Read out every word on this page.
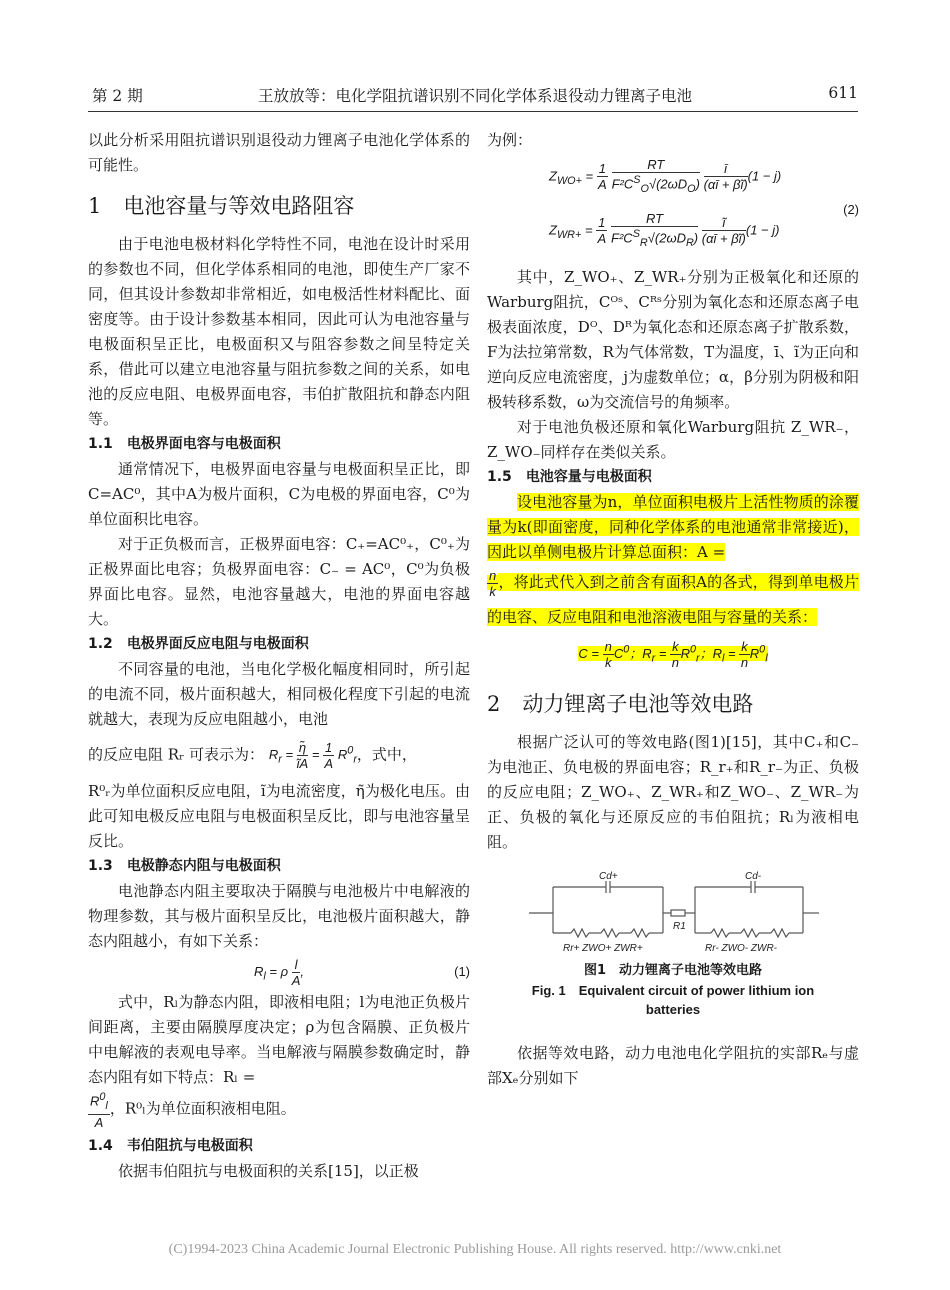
第 2 期	王放放等：电化学阻抗谱识别不同化学体系退役动力锂离子电池	611

以此分析采用阻抗谱识别退役动力锂离子电池化学体系的可能性。

1 电池容量与等效电路阻容

由于电池电极材料化学特性不同，电池在设计时采用的参数也不同，但化学体系相同的电池，即使生产厂家不同，但其设计参数却非常相近，如电极活性材料配比、面密度等。由于设计参数基本相同，因此可认为电池容量与电极面积呈正比，电极面积又与阻容参数之间呈特定关系，借此可以建立电池容量与阻抗参数之间的关系，如电池的反应电阻、电极界面电容，韦伯扩散阻抗和静态内阻等。

1.1 电极界面电容与电极面积

通常情况下，电极界面电容量与电极面积呈正比，即 C=AC⁰，其中A为极片面积，C为电极的界面电容，C⁰为单位面积比电容。

对于正负极而言，正极界面电容：C₊=AC⁰₊，C⁰₊为正极界面比电容；负极界面电容：C₋ = AC⁰，C⁰为负极界面比电容。显然，电池容量越大，电池的界面电容越大。

1.2 电极界面反应电阻与电极面积

不同容量的电池，当电化学极化幅度相同时，所引起的电流不同，极片面积越大，相同极化程度下引起的电流就越大，表现为反应电阻越小，电池

的反应电阻 Rᵣ 可表示为： $R_r = \frac{\etã}{ĩA} = \frac{1}{A} R^0_r$，式中，

R⁰ᵣ为单位面积反应电阻，ĩ为电流密度，η̃为极化电压。由此可知电极反应电阻与电极面积呈反比，即与电池容量呈反比。

1.3 电极静态内阻与电极面积

电池静态内阻主要取决于隔膜与电池极片中电解液的物理参数，其与极片面积呈反比，电池极片面积越大，静态内阻越小，有如下关系：

$R_l = \rho \frac{l}{A}$ ,	(1)

式中，Rₗ为静态内阻，即液相电阻；l为电池正负极片间距离，主要由隔膜厚度决定；ρ为包含隔膜、正负极片中电解液的表观电导率。当电解液与隔膜参数确定时，静态内阻有如下特点：Rₗ =

$\frac{R^0_l}{A}$ ，R⁰ₗ为单位面积液相电阻。

1.4 韦伯阻抗与电极面积

依据韦伯阻抗与电极面积的关系[15]，以正极

为例：

$Z_{WO+} = \frac{1}{A}$
$\frac{RT}{F^2C^S_O√(2\omega D_O)}$
$\frac{ī}{(\alpha ī + \beta ĩ)} (1 - j)$
$Z_{WR+} = \frac{1}{A}$
$\frac{RT}{F^2C^S_R√(2\omega D_R)}$
$\frac{ĩ}{(\alpha ī + \beta ĩ)} (1 - j)$
(2)

其中，Z_WO₊、Z_WR₊分别为正极氧化和还原的Warburg阻抗，Cᴼˢ、Cᴿˢ分别为氧化态和还原态离子电极表面浓度，Dᴼ、Dᴿ为氧化态和还原态离子扩散系数，F为法拉第常数，R为气体常数，T为温度，ī、ĩ为正向和逆向反应电流密度，j为虚数单位；α，β分别为阴极和阳极转移系数，ω为交流信号的角频率。

对于电池负极还原和氧化Warburg阻抗 Z_WR₋，Z_WO₋同样存在类似关系。

1.5 电池容量与电极面积

设电池容量为n，单位面积电极片上活性物质的涂覆量为k(即面密度，同种化学体系的电池通常非常接近)，因此以单侧电极片计算总面积：A =

$\frac{n}{k}$ ，将此式代入到之前含有面积A的各式，得到单电极片的电容、反应电阻和电池溶液电阻与容量的关系：

$C = \frac{n}{k} C^0$；$R_r = \frac{k}{n} R^0_r$；$R_l = \frac{k}{n} R^0_l$
2 动力锂离子电池等效电路

根据广泛认可的等效电路(图1)[15]，其中C₊和C₋为电池正、负电极的界面电容；R_r₊和R_r₋为正、负极的反应电阻；Z_WO₊、Z_WR₊和Z_WO₋、Z_WR₋为正、负极的氧化与还原反应的韦伯阻抗；Rₗ为液相电阻。

Cd+	Cd-
R1
Rr+ ZWO+ ZWR+	Rr- ZWO- ZWR-
图1　动力锂离子电池等效电路
Fig. 1　Equivalent circuit of power lithium ion batteries

依据等效电路，动力电池电化学阻抗的实部Rₑ与虚部Xₑ分别如下

(C)1994-2023 China Academic Journal Electronic Publishing House. All rights reserved. http://www.cnki.net
